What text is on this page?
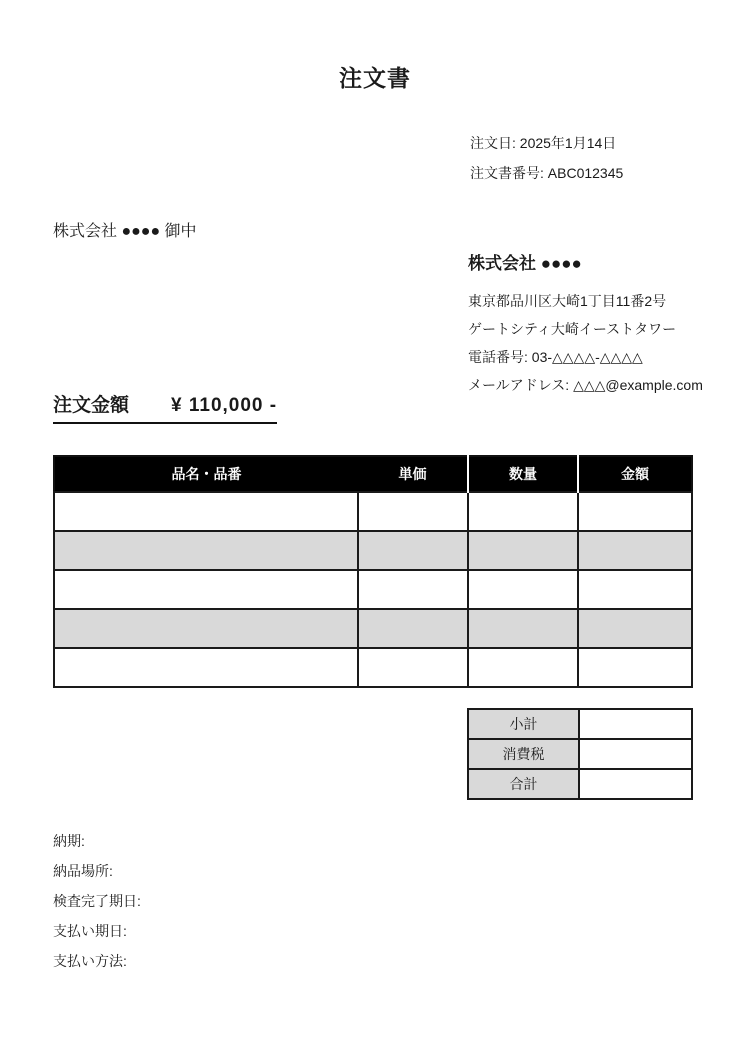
注文書
注文日: 2025年1月14日
注文書番号: ABC012345
株式会社 ●●●● 御中
株式会社 ●●●●
東京都品川区大崎1丁目11番2号
ゲートシティ大崎イーストタワー
電話番号: 03-△△△△-△△△△
メールアドレス: △△△@example.com
注文金額 ¥ 110,000 -
品名・品番	単価	数量	金額

小計	
消費税	
合計	
納期:
納品場所:
検査完了期日:
支払い期日:
支払い方法:
